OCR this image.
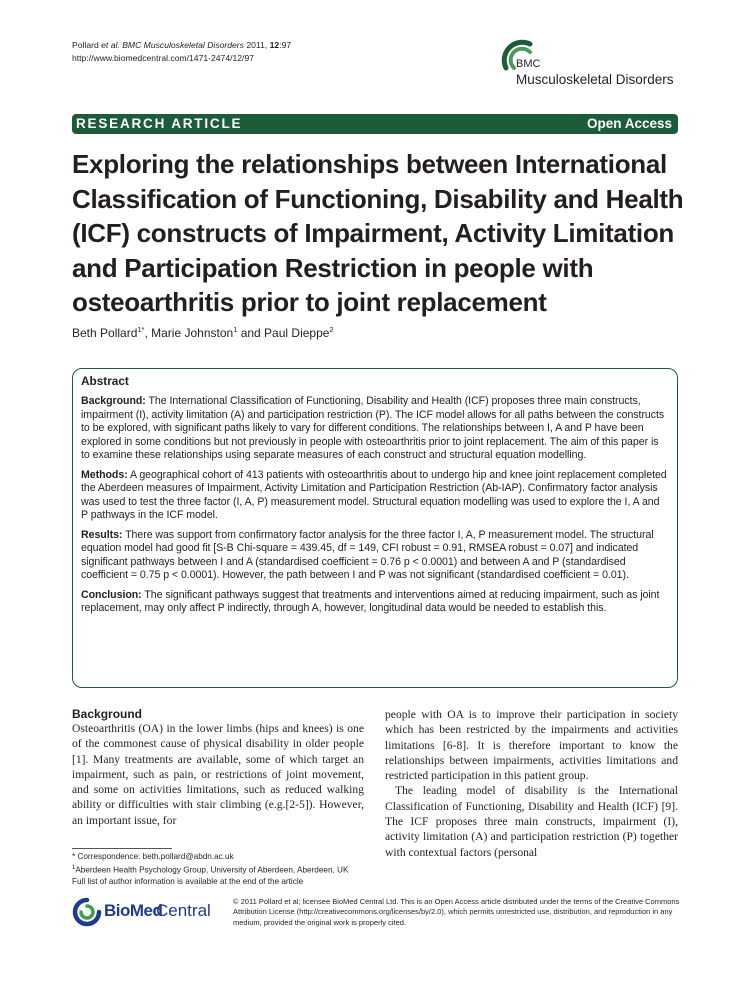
Pollard et al. BMC Musculoskeletal Disorders 2011, 12:97
http://www.biomedcentral.com/1471-2474/12/97	BMC
Musculoskeletal Disorders
RESEARCH ARTICLE	Open Access
Exploring the relationships between International Classification of Functioning, Disability and Health (ICF) constructs of Impairment, Activity Limitation and Participation Restriction in people with osteoarthritis prior to joint replacement
Beth Pollard$^{1*}$, Marie Johnston$^1$ and Paul Dieppe$^2$
Abstract

Background: The International Classification of Functioning, Disability and Health (ICF) proposes three main constructs, impairment (I), activity limitation (A) and participation restriction (P). The ICF model allows for all paths between the constructs to be explored, with significant paths likely to vary for different conditions. The relationships between I, A and P have been explored in some conditions but not previously in people with osteoarthritis prior to joint replacement. The aim of this paper is to examine these relationships using separate measures of each construct and structural equation modelling.

Methods: A geographical cohort of 413 patients with osteoarthritis about to undergo hip and knee joint replacement completed the Aberdeen measures of Impairment, Activity Limitation and Participation Restriction (Ab-IAP). Confirmatory factor analysis was used to test the three factor (I, A, P) measurement model. Structural equation modelling was used to explore the I, A and P pathways in the ICF model.

Results: There was support from confirmatory factor analysis for the three factor I, A, P measurement model. The structural equation model had good fit [S-B Chi-square = 439.45, df = 149, CFI robust = 0.91, RMSEA robust = 0.07] and indicated significant pathways between I and A (standardised coefficient = 0.76 p < 0.0001) and between A and P (standardised coefficient = 0.75 p < 0.0001). However, the path between I and P was not significant (standardised coefficient = 0.01).

Conclusion: The significant pathways suggest that treatments and interventions aimed at reducing impairment, such as joint replacement, may only affect P indirectly, through A, however, longitudinal data would be needed to establish this.

Background

Osteoarthritis (OA) in the lower limbs (hips and knees) is one of the commonest cause of physical disability in older people [1]. Many treatments are available, some of which target an impairment, such as pain, or restrictions of joint movement, and some on activities limitations, such as reduced walking ability or difficulties with stair climbing (e.g.[2-5]). However, an important issue, for

people with OA is to improve their participation in society which has been restricted by the impairments and activities limitations [6-8]. It is therefore important to know the relationships between impairments, activities limitations and restricted participation in this patient group.

The leading model of disability is the International Classification of Functioning, Disability and Health (ICF) [9]. The ICF proposes three main constructs, impairment (I), activity limitation (A) and participation restriction (P) together with contextual factors (personal

* Correspondence: beth.pollard@abdn.ac.uk
$^1$Aberdeen Health Psychology Group, University of Aberdeen, Aberdeen, UK
Full list of author information is available at the end of the article
BioMed
Central	© 2011 Pollard et al; licensee BioMed Central Ltd. This is an Open Access article distributed under the terms of the Creative Commons Attribution License (http://creativecommons.org/licenses/by/2.0), which permits unrestricted use, distribution, and reproduction in any medium, provided the original work is properly cited.
